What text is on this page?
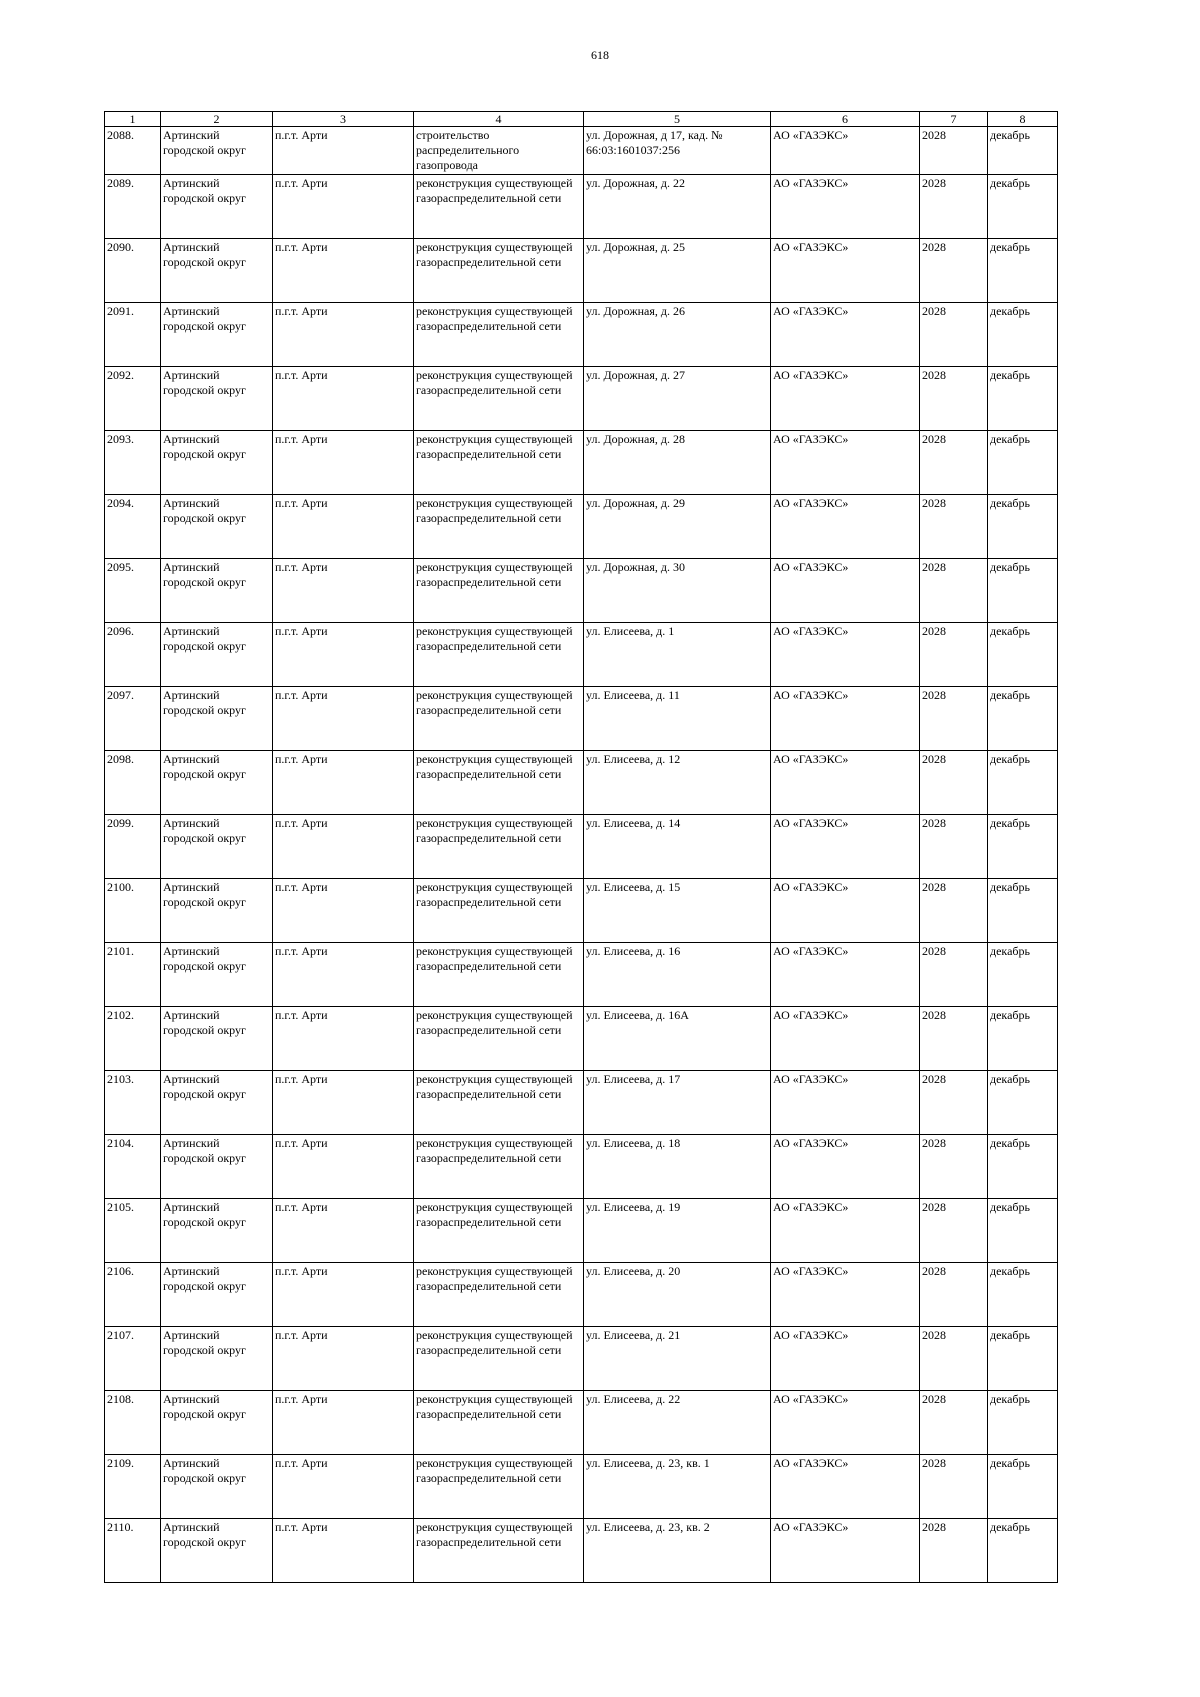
618
1	2	3	4	5	6	7	8
2088.	Артинский городской округ	п.г.т. Арти	строительство распределительного газопровода	ул. Дорожная, д 17, кад. № 66:03:1601037:256	АО «ГАЗЭКС»	2028	декабрь
2089.	Артинский городской округ	п.г.т. Арти	реконструкция существующей газораспределительной сети	ул. Дорожная, д. 22	АО «ГАЗЭКС»	2028	декабрь
2090.	Артинский городской округ	п.г.т. Арти	реконструкция существующей газораспределительной сети	ул. Дорожная, д. 25	АО «ГАЗЭКС»	2028	декабрь
2091.	Артинский городской округ	п.г.т. Арти	реконструкция существующей газораспределительной сети	ул. Дорожная, д. 26	АО «ГАЗЭКС»	2028	декабрь
2092.	Артинский городской округ	п.г.т. Арти	реконструкция существующей газораспределительной сети	ул. Дорожная, д. 27	АО «ГАЗЭКС»	2028	декабрь
2093.	Артинский городской округ	п.г.т. Арти	реконструкция существующей газораспределительной сети	ул. Дорожная, д. 28	АО «ГАЗЭКС»	2028	декабрь
2094.	Артинский городской округ	п.г.т. Арти	реконструкция существующей газораспределительной сети	ул. Дорожная, д. 29	АО «ГАЗЭКС»	2028	декабрь
2095.	Артинский городской округ	п.г.т. Арти	реконструкция существующей газораспределительной сети	ул. Дорожная, д. 30	АО «ГАЗЭКС»	2028	декабрь
2096.	Артинский городской округ	п.г.т. Арти	реконструкция существующей газораспределительной сети	ул. Елисеева, д. 1	АО «ГАЗЭКС»	2028	декабрь
2097.	Артинский городской округ	п.г.т. Арти	реконструкция существующей газораспределительной сети	ул. Елисеева, д. 11	АО «ГАЗЭКС»	2028	декабрь
2098.	Артинский городской округ	п.г.т. Арти	реконструкция существующей газораспределительной сети	ул. Елисеева, д. 12	АО «ГАЗЭКС»	2028	декабрь
2099.	Артинский городской округ	п.г.т. Арти	реконструкция существующей газораспределительной сети	ул. Елисеева, д. 14	АО «ГАЗЭКС»	2028	декабрь
2100.	Артинский городской округ	п.г.т. Арти	реконструкция существующей газораспределительной сети	ул. Елисеева, д. 15	АО «ГАЗЭКС»	2028	декабрь
2101.	Артинский городской округ	п.г.т. Арти	реконструкция существующей газораспределительной сети	ул. Елисеева, д. 16	АО «ГАЗЭКС»	2028	декабрь
2102.	Артинский городской округ	п.г.т. Арти	реконструкция существующей газораспределительной сети	ул. Елисеева, д. 16А	АО «ГАЗЭКС»	2028	декабрь
2103.	Артинский городской округ	п.г.т. Арти	реконструкция существующей газораспределительной сети	ул. Елисеева, д. 17	АО «ГАЗЭКС»	2028	декабрь
2104.	Артинский городской округ	п.г.т. Арти	реконструкция существующей газораспределительной сети	ул. Елисеева, д. 18	АО «ГАЗЭКС»	2028	декабрь
2105.	Артинский городской округ	п.г.т. Арти	реконструкция существующей газораспределительной сети	ул. Елисеева, д. 19	АО «ГАЗЭКС»	2028	декабрь
2106.	Артинский городской округ	п.г.т. Арти	реконструкция существующей газораспределительной сети	ул. Елисеева, д. 20	АО «ГАЗЭКС»	2028	декабрь
2107.	Артинский городской округ	п.г.т. Арти	реконструкция существующей газораспределительной сети	ул. Елисеева, д. 21	АО «ГАЗЭКС»	2028	декабрь
2108.	Артинский городской округ	п.г.т. Арти	реконструкция существующей газораспределительной сети	ул. Елисеева, д. 22	АО «ГАЗЭКС»	2028	декабрь
2109.	Артинский городской округ	п.г.т. Арти	реконструкция существующей газораспределительной сети	ул. Елисеева, д. 23, кв. 1	АО «ГАЗЭКС»	2028	декабрь
2110.	Артинский городской округ	п.г.т. Арти	реконструкция существующей газораспределительной сети	ул. Елисеева, д. 23, кв. 2	АО «ГАЗЭКС»	2028	декабрь
